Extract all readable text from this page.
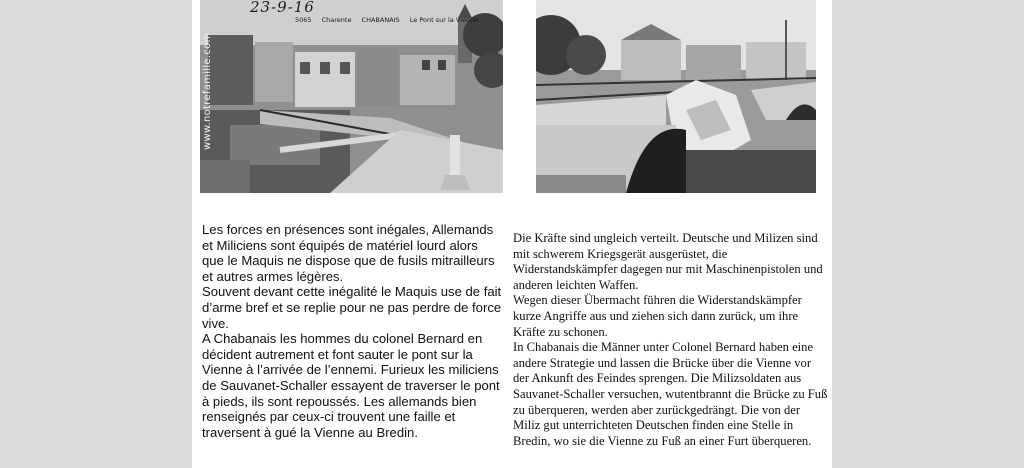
23-9-16
5065 Charente CHABANAIS Le Pont sur la Vienne
www.notrefamille.com

Les forces en présences sont inégales, Allemands et Miliciens sont équipés de matériel lourd alors que le Maquis ne dispose que de fusils mitrailleurs et autres armes légères.

Souvent devant cette inégalité le Maquis use de fait d’arme bref et se replie pour ne pas perdre de force vive.

A Chabanais les hommes du colonel Bernard en décident autrement et font sauter le pont sur la Vienne à l’arrivée de l’ennemi. Furieux les miliciens de Sauvanet-Schaller essayent de traverser le pont à pieds, ils sont repoussés. Les allemands bien renseignés par ceux-ci trouvent une faille et traversent à gué la Vienne au Bredin.

Die Kräfte sind ungleich verteilt. Deutsche und Milizen sind mit schwerem Kriegsgerät ausgerüstet, die Widerstandskämpfer dagegen nur mit Maschinenpistolen und anderen leichten Waffen.

Wegen dieser Übermacht führen die Widerstandskämpfer kurze Angriffe aus und ziehen sich dann zurück, um ihre Kräfte zu schonen.

In Chabanais die Männer unter Colonel Bernard haben eine andere Strategie und lassen die Brücke über die Vienne vor der Ankunft des Feindes sprengen. Die Milizsoldaten aus Sauvanet-Schaller versuchen, wutentbrannt die Brücke zu Fuß zu überqueren, werden aber zurückgedrängt. Die von der Miliz gut unterrichteten Deutschen finden eine Stelle in Bredin, wo sie die Vienne zu Fuß an einer Furt überqueren.
